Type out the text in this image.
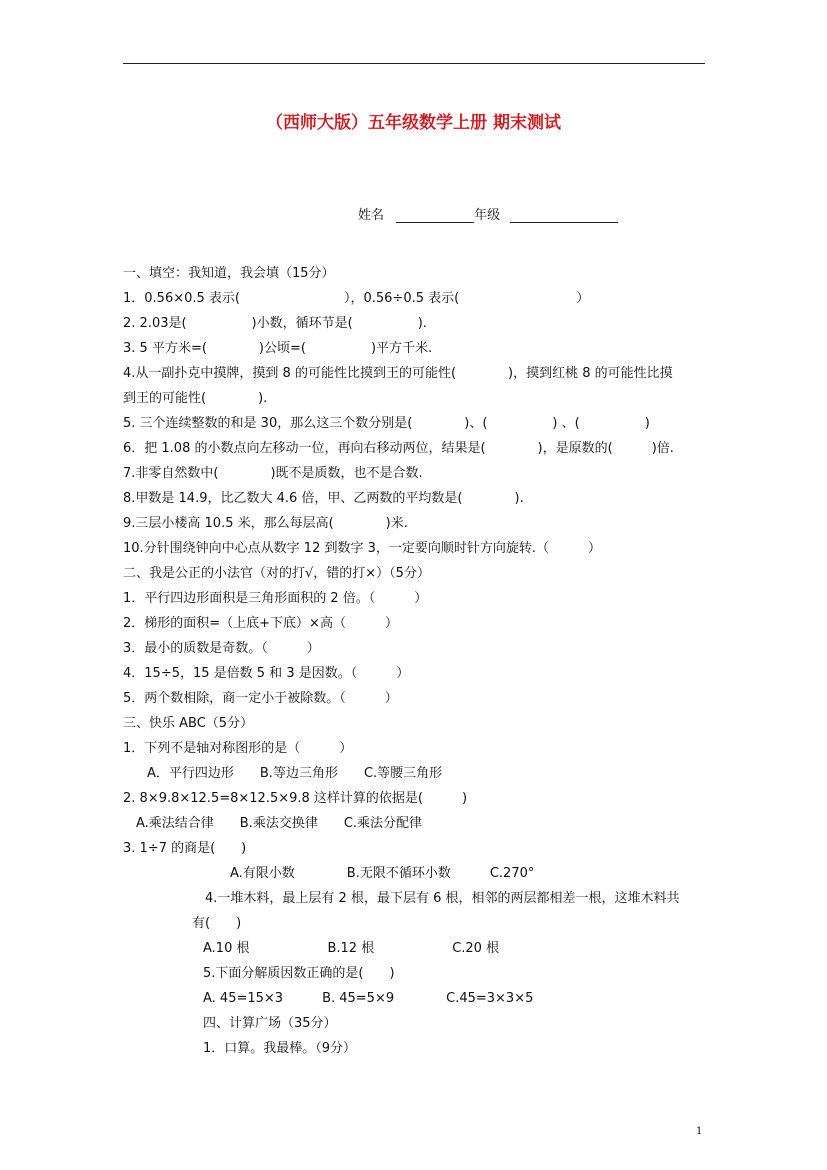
（西师大版）五年级数学上册 期末测试
姓名	年级
一、填空：我知道，我会填（15分）
1．0.56×0.5 表示(　　　　　　　　），0.56÷0.5 表示(　　　　　　　　　）
2. 2.03̇是(　　　　　)小数，循环节是(　　　　　).
3. 5 平方米=(　　　　)公顷=(　　　　　)平方千米.
4.从一副扑克中摸牌，摸到 8 的可能性比摸到王的可能性(　　　　)，摸到红桃 8 的可能性比摸
到王的可能性(　　　　).
5. 三个连续整数的和是 30，那么这三个数分别是(　　　　)、(　　　　　) 、(　　　　　)
6．把 1.08 的小数点向左移动一位，再向右移动两位，结果是(　　　　)，是原数的(　　　)倍.
7.非零自然数中(　　　　)既不是质数，也不是合数.
8.甲数是 14.9，比乙数大 4.6 倍，甲、乙两数的平均数是(　　　　).
9.三层小楼高 10.5 米，那么每层高(　　　　)米.
10.分针围绕钟向中心点从数字 12 到数字 3，一定要向顺时针方向旋转.（　　　）
二、我是公正的小法官（对的打√，错的打×）（5分）
1．平行四边形面积是三角形面积的 2 倍。（　　　）
2．梯形的面积=（上底+下底）×高（　　　）
3．最小的质数是奇数。（　　　）
4．15÷5，15 是倍数 5 和 3 是因数。（　　　）
5．两个数相除，商一定小于被除数。（　　　）
三、快乐 ABC（5分）
1．下列不是轴对称图形的是（　　　）
A．平行四边形　　B.等边三角形　　C.等腰三角形
2. 8×9.8×12.5=8×12.5×9.8 这样计算的依据是(　　　)
A.乘法结合律　　B.乘法交换律　　C.乘法分配律
3. 1÷7 的商是(　　)
A.有限小数　　　　B.无限不循环小数　　　C.270°
4.一堆木料，最上层有 2 根，最下层有 6 根，相邻的两层都相差一根，这堆木料共
有(　　)
A.10 根　　　　　　B.12 根　　　　　　C.20 根
5.下面分解质因数正确的是(　　)
A. 45=15×3　　　B. 45=5×9　　　　C.45=3×3×5
四、计算广场（35分）
1．口算。我最棒。（9分）
1
